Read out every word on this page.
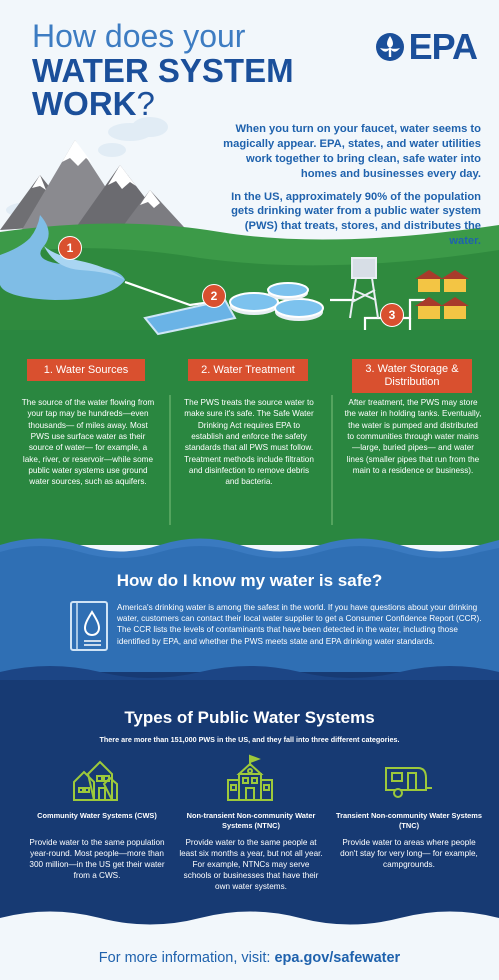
How does your
WATER SYSTEM
WORK?
EPA

When you turn on your faucet, water seems to magically appear. EPA, states, and water utilities work together to bring clean, safe water into homes and businesses every day.

In the US, approximately 90% of the population gets drinking water from a public water system (PWS) that treats, stores, and distributes the water.

1
2
3
1. Water Sources
The source of the water flowing from your tap may be hundreds—even thousands— of miles away. Most PWS use surface water as their source of water— for example, a lake, river, or reservoir—while some public water systems use ground water sources, such as aquifers.
2. Water Treatment
The PWS treats the source water to make sure it's safe. The Safe Water Drinking Act requires EPA to establish and enforce the safety standards that all PWS must follow. Treatment methods include filtration and disinfection to remove debris and bacteria.
3. Water Storage & Distribution
After treatment, the PWS may store the water in holding tanks. Eventually, the water is pumped and distributed to communities through water mains—large, buried pipes— and water lines (smaller pipes that run from the main to a residence or business).
How do I know my water is safe?
America's drinking water is among the safest in the world. If you have questions about your drinking water, customers can contact their local water supplier to get a Consumer Confidence Report (CCR). The CCR lists the levels of contaminants that have been detected in the water, including those identified by EPA, and whether the PWS meets state and EPA drinking water standards.
Types of Public Water Systems
There are more than 151,000 PWS in the US, and they fall into three different categories.
Community Water Systems (CWS)
Provide water to the same population year-round. Most people—more than 300 million—in the US get their water from a CWS.
Non-transient Non-community Water Systems (NTNC)
Provide water to the same people at least six months a year, but not all year. For example, NTNCs may serve schools or businesses that have their own water systems.
Transient Non-community Water Systems (TNC)
Provide water to areas where people don't stay for very long— for example, campgrounds.
For more information, visit: epa.gov/safewater
